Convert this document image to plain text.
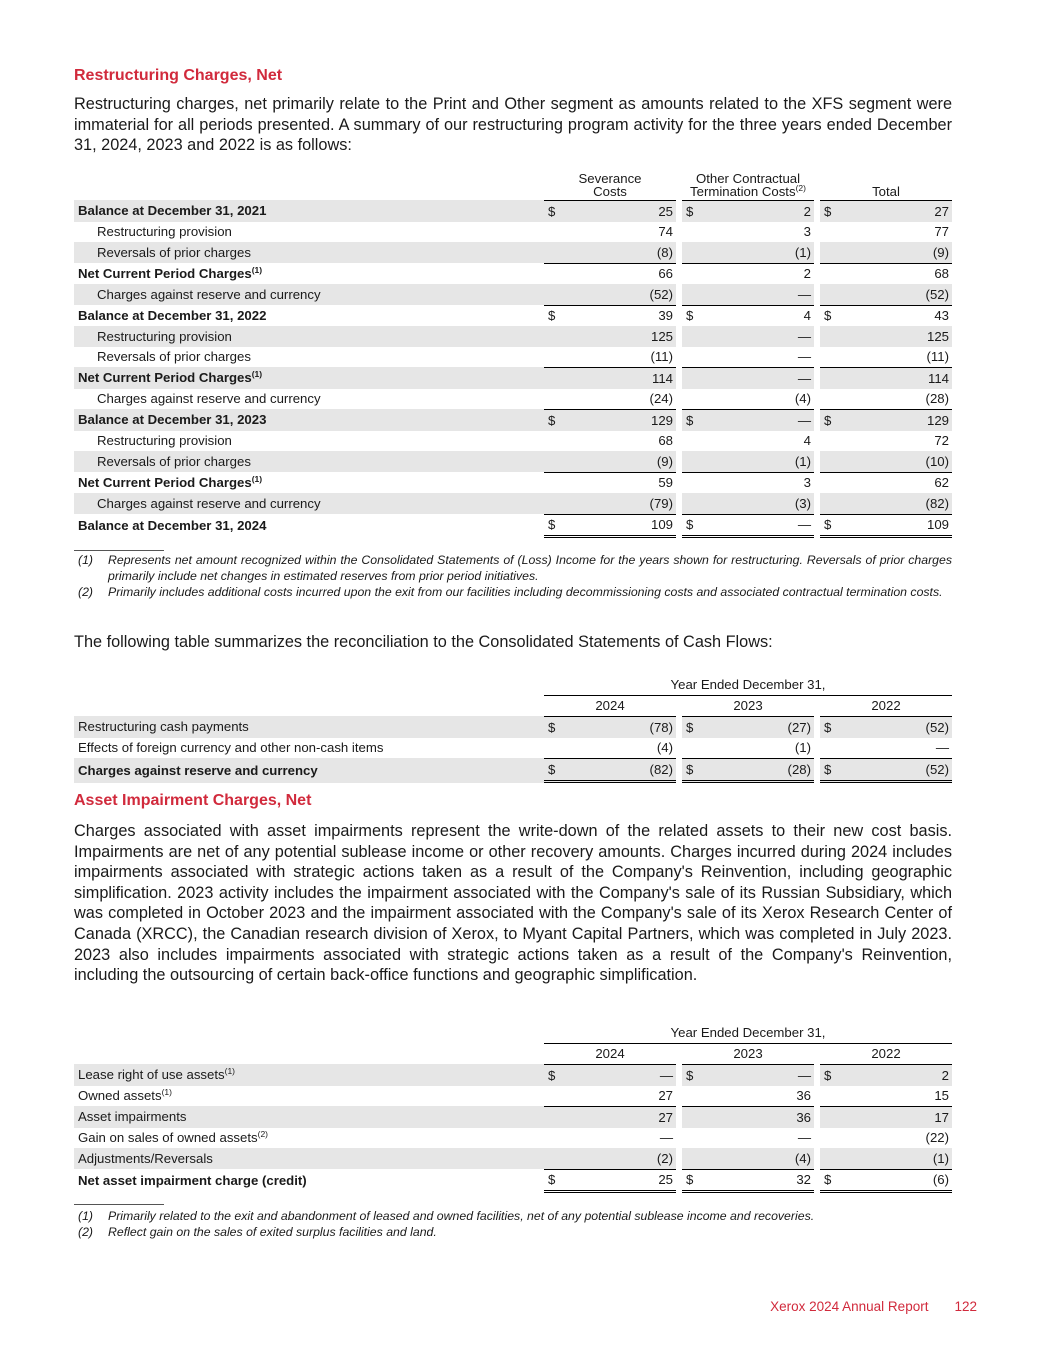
Restructuring Charges, Net

Restructuring charges, net primarily relate to the Print and Other segment as amounts related to the XFS segment were immaterial for all periods presented. A summary of our restructuring program activity for the three years ended December 31, 2024, 2023 and 2022 is as follows:

Severance
Costs

Other Contractual
Termination Costs$^{(2)}$		Total

Balance at December 31, 2021	$ 25		$ 2		$ 27

Restructuring provision	74		3		77

Reversals of prior charges	(8)		(1)		(9)

Net Current Period Charges$^{(1)}$	66		2		68

Charges against reserve and currency	(52)		—		(52)

Balance at December 31, 2022	$ 39		$ 4		$ 43

Restructuring provision	125		—		125

Reversals of prior charges	(11)		—		(11)

Net Current Period Charges$^{(1)}$	114		—		114

Charges against reserve and currency	(24)		(4)		(28)

Balance at December 31, 2023	$ 129		$ —		$ 129

Restructuring provision	68		4		72

Reversals of prior charges	(9)		(1)		(10)

Net Current Period Charges$^{(1)}$	59		3		62

Charges against reserve and currency	(79)		(3)		(82)

Balance at December 31, 2024	$ 109		$ —		$ 109
(1)	Represents net amount recognized within the Consolidated Statements of (Loss) Income for the years shown for restructuring. Reversals of prior charges primarily include net changes in estimated reserves from prior period initiatives.
(2)	Primarily includes additional costs incurred upon the exit from our facilities including decommissioning costs and associated contractual termination costs.

The following table summarizes the reconciliation to the Consolidated Statements of Cash Flows:

	Year Ended December 31,				
	2024		2023		2022
Restructuring cash payments	$ (78)		$ (27)		$ (52)

Effects of foreign currency and other non-cash items	(4)		(1)		—

Charges against reserve and currency	$ (82)		$ (28)		$ (52)
Asset Impairment Charges, Net

Charges associated with asset impairments represent the write-down of the related assets to their new cost basis. Impairments are net of any potential sublease income or other recovery amounts. Charges incurred during 2024 includes impairments associated with strategic actions taken as a result of the Company's Reinvention, including geographic simplification. 2023 activity includes the impairment associated with the Company's sale of its Russian Subsidiary, which was completed in October 2023 and the impairment associated with the Company's sale of its Xerox Research Center of Canada (XRCC), the Canadian research division of Xerox, to Myant Capital Partners, which was completed in July 2023. 2023 also includes impairments associated with strategic actions taken as a result of the Company's Reinvention, including the outsourcing of certain back-office functions and geographic simplification.

	Year Ended December 31,				
	2024		2023		2022
Lease right of use assets$^{(1)}$	$ —		$ —		$ 2

Owned assets$^{(1)}$	27		36		15

Asset impairments	27		36		17

Gain on sales of owned assets$^{(2)}$	—		—		(22)

Adjustments/Reversals	(2)		(4)		(1)

Net asset impairment charge (credit)	$ 25		$ 32		$ (6)
(1)	Primarily related to the exit and abandonment of leased and owned facilities, net of any potential sublease income and recoveries.
(2)	Reflect gain on the sales of exited surplus facilities and land.
Xerox 2024 Annual Report 122
